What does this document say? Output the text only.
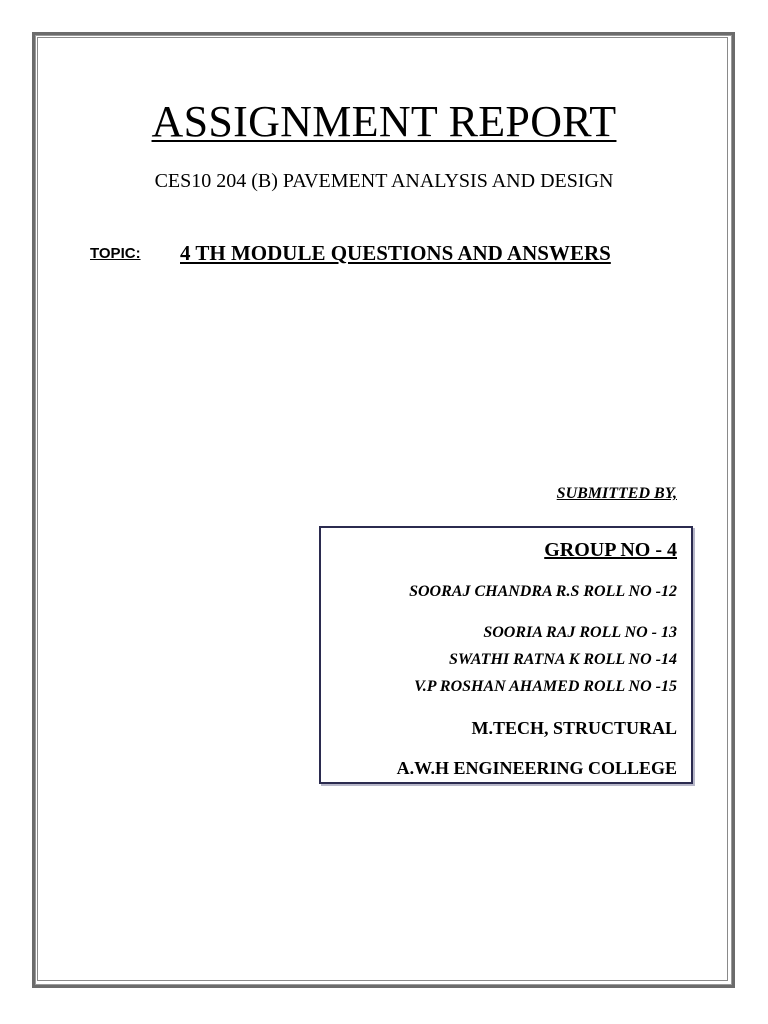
ASSIGNMENT REPORT
CES10 204 (B) PAVEMENT ANALYSIS AND DESIGN
TOPIC: 4 TH MODULE QUESTIONS AND ANSWERS
SUBMITTED BY,
GROUP NO - 4
SOORAJ CHANDRA R.S ROLL NO -12
SOORIA RAJ ROLL NO - 13
SWATHI RATNA K ROLL NO -14
V.P ROSHAN AHAMED ROLL NO -15
M.TECH, STRUCTURAL
A.W.H ENGINEERING COLLEGE
